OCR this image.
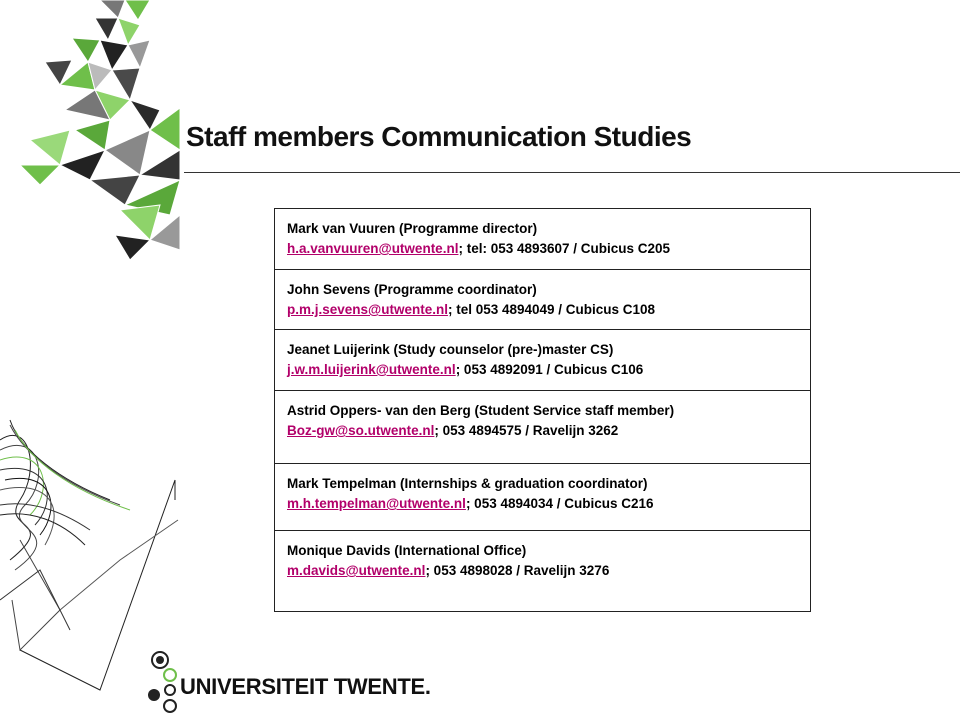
Staff members Communication Studies
Mark van Vuuren (Programme director)
h.a.vanvuuren@utwente.nl; tel: 053 4893607 / Cubicus C205
John Sevens (Programme coordinator)
p.m.j.sevens@utwente.nl; tel 053 4894049 / Cubicus C108
Jeanet Luijerink (Study counselor (pre-)master CS)
j.w.m.luijerink@utwente.nl; 053 4892091 / Cubicus C106
Astrid Oppers- van den Berg (Student Service staff member)
Boz-gw@so.utwente.nl; 053 4894575 / Ravelijn 3262
Mark Tempelman (Internships & graduation coordinator)
m.h.tempelman@utwente.nl; 053 4894034 / Cubicus C216
Monique Davids (International Office)
m.davids@utwente.nl; 053 4898028 / Ravelijn 3276
UNIVERSITEIT TWENTE.
